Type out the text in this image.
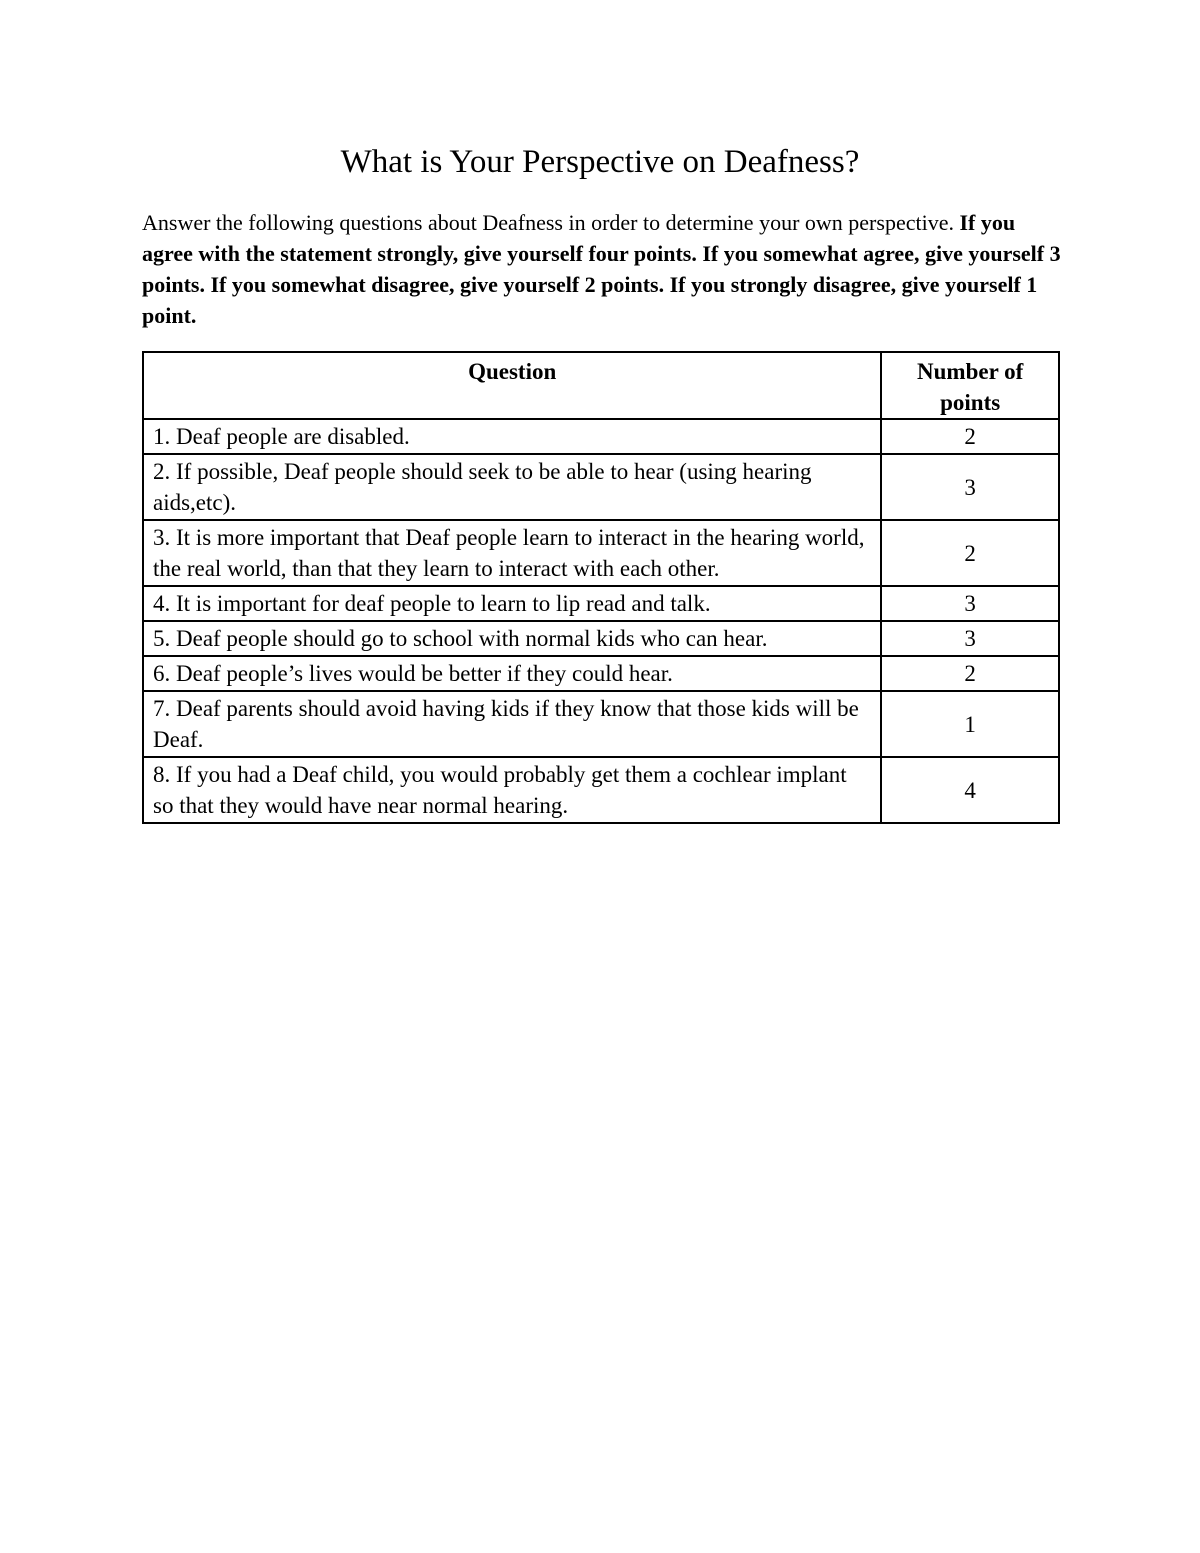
What is Your Perspective on Deafness?

Answer the following questions about Deafness in order to determine your own perspective. If you agree with the statement strongly, give yourself four points. If you somewhat agree, give yourself 3 points. If you somewhat disagree, give yourself 2 points. If you strongly disagree, give yourself 1 point.

Question	Number of points
1. Deaf people are disabled.	2
2. If possible, Deaf people should seek to be able to hear (using hearing aids,etc).	3
3. It is more important that Deaf people learn to interact in the hearing world, the real world, than that they learn to interact with each other.	2
4. It is important for deaf people to learn to lip read and talk.	3
5. Deaf people should go to school with normal kids who can hear.	3
6. Deaf people’s lives would be better if they could hear.	2
7. Deaf parents should avoid having kids if they know that those kids will be Deaf.	1
8. If you had a Deaf child, you would probably get them a cochlear implant so that they would have near normal hearing.	4
